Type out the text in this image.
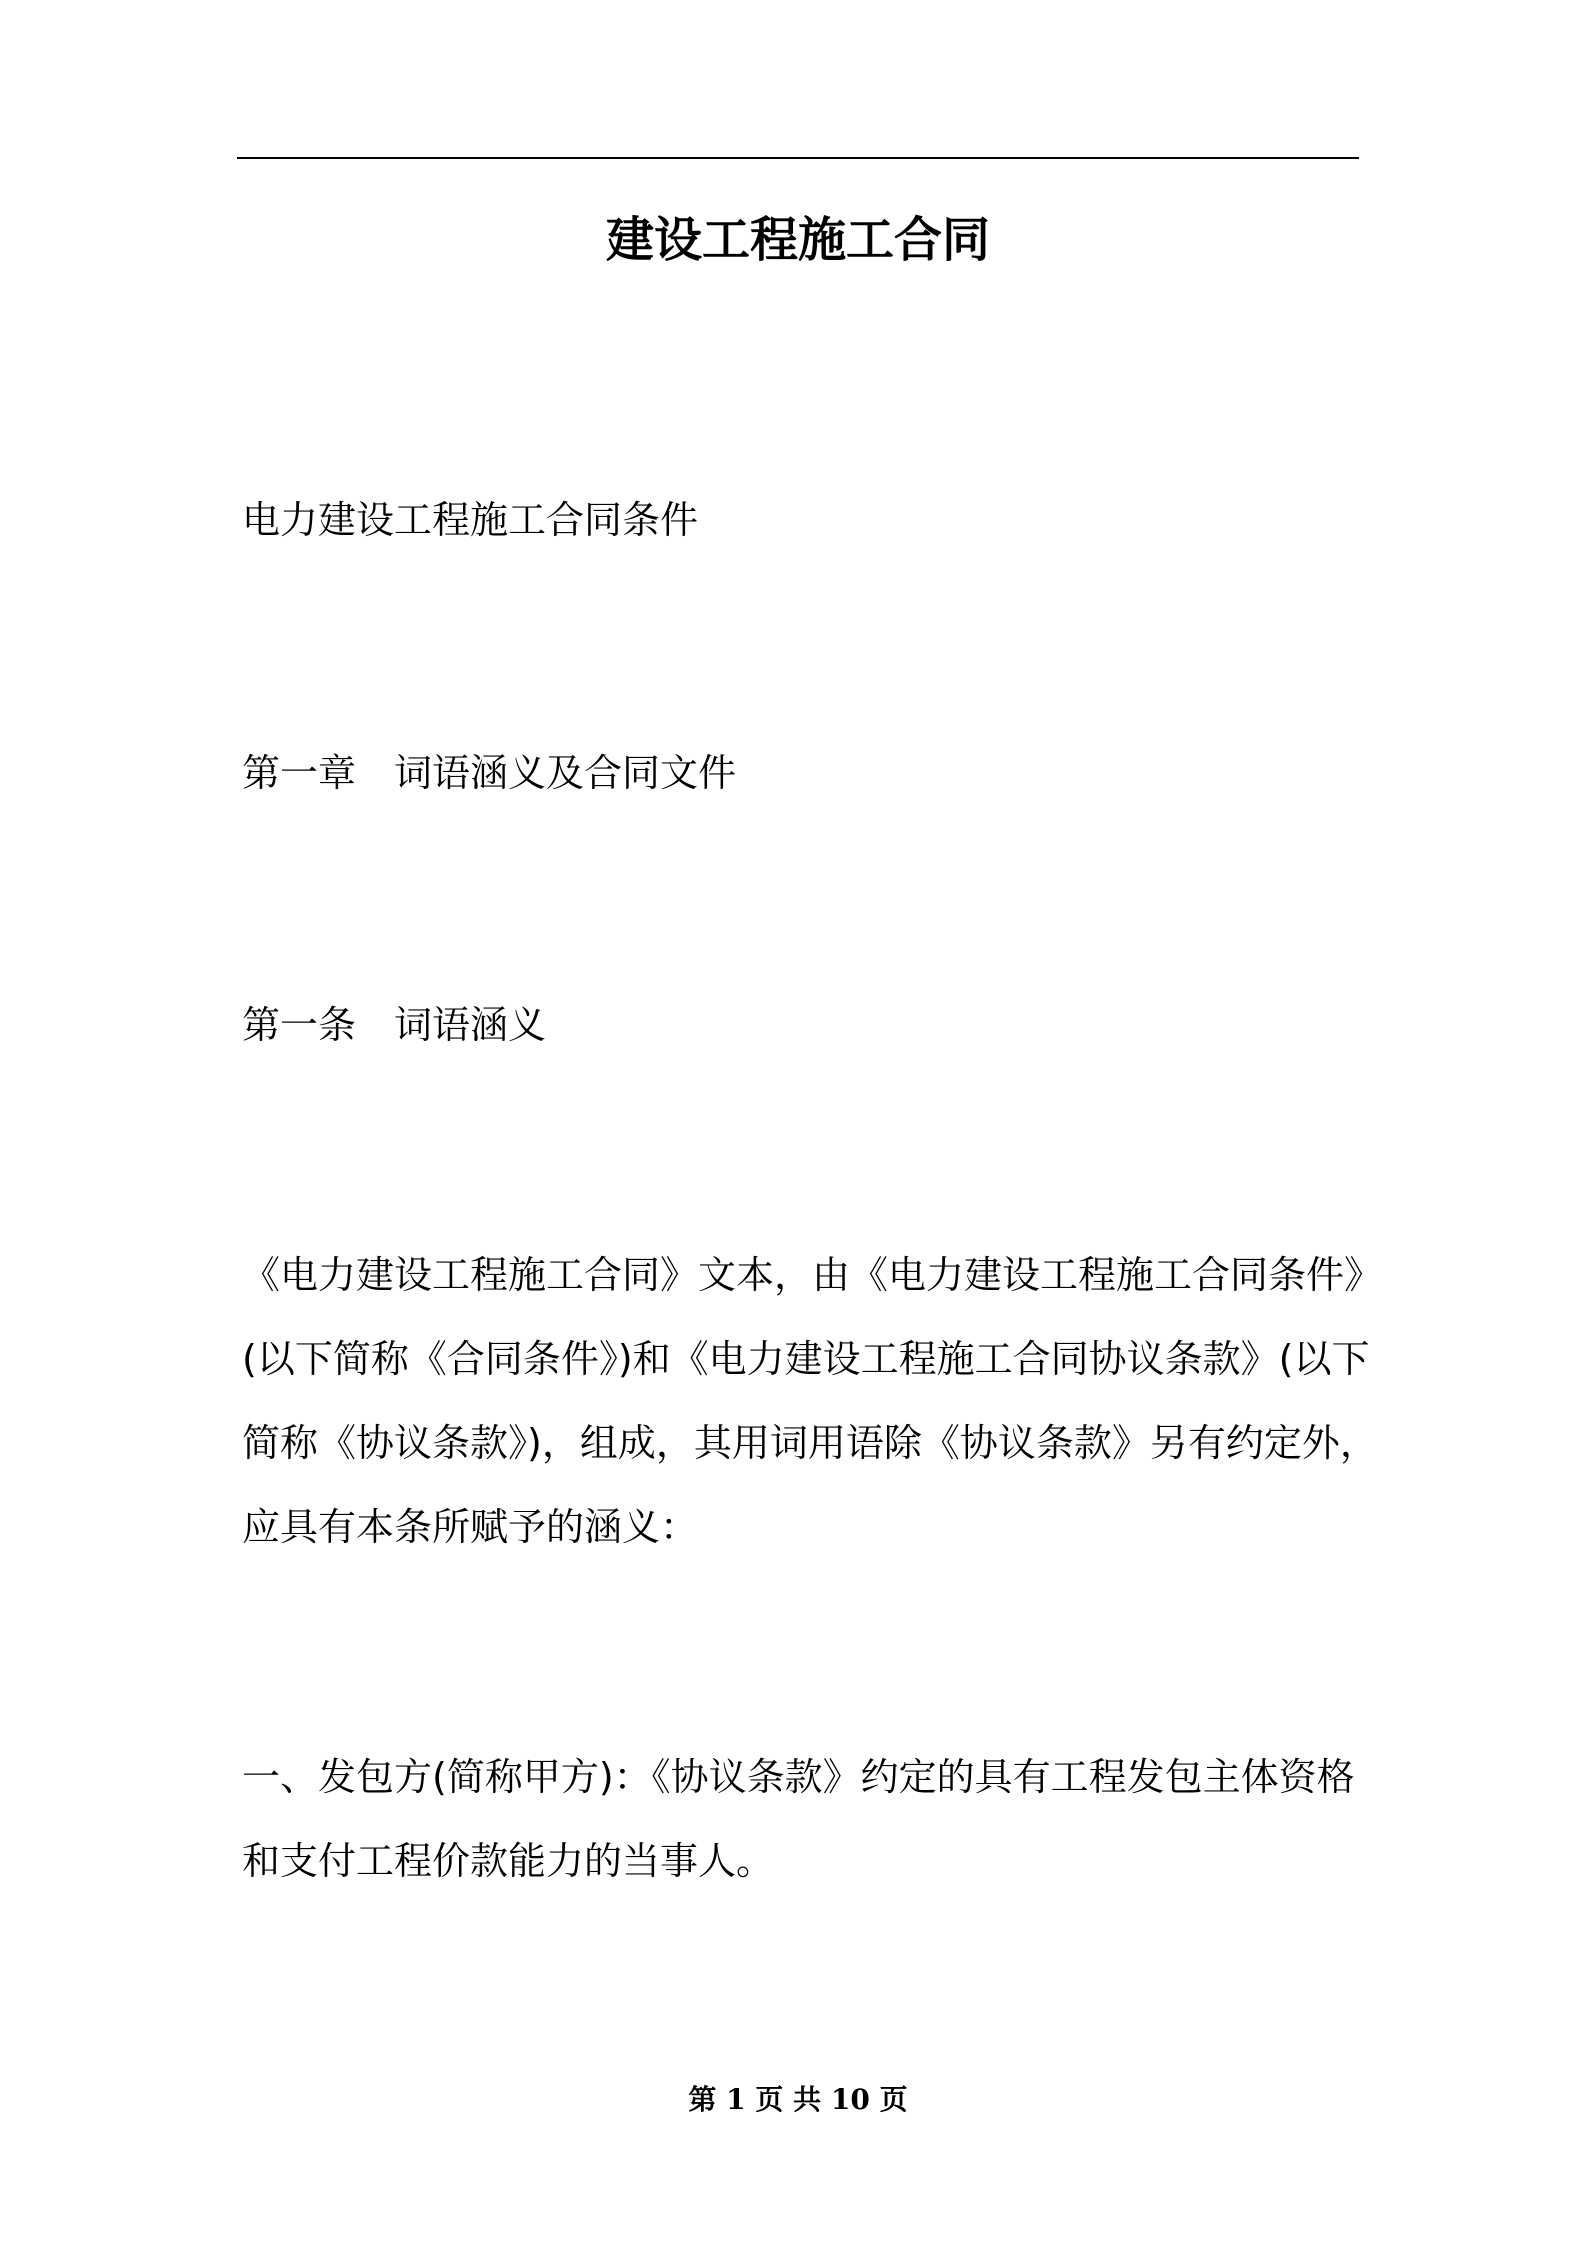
建设工程施工合同
电力建设工程施工合同条件
第一章 词语涵义及合同文件
第一条 词语涵义
《电力建设工程施工合同》文本，由《电力建设工程施工合同条件》
(以下简称《合同条件》)和《电力建设工程施工合同协议条款》(以下
简称《协议条款》)，组成，其用词用语除《协议条款》另有约定外，
应具有本条所赋予的涵义：
一、发包方(简称甲方)：《协议条款》约定的具有工程发包主体资格
和支付工程价款能力的当事人。
第 1 页 共 10 页
